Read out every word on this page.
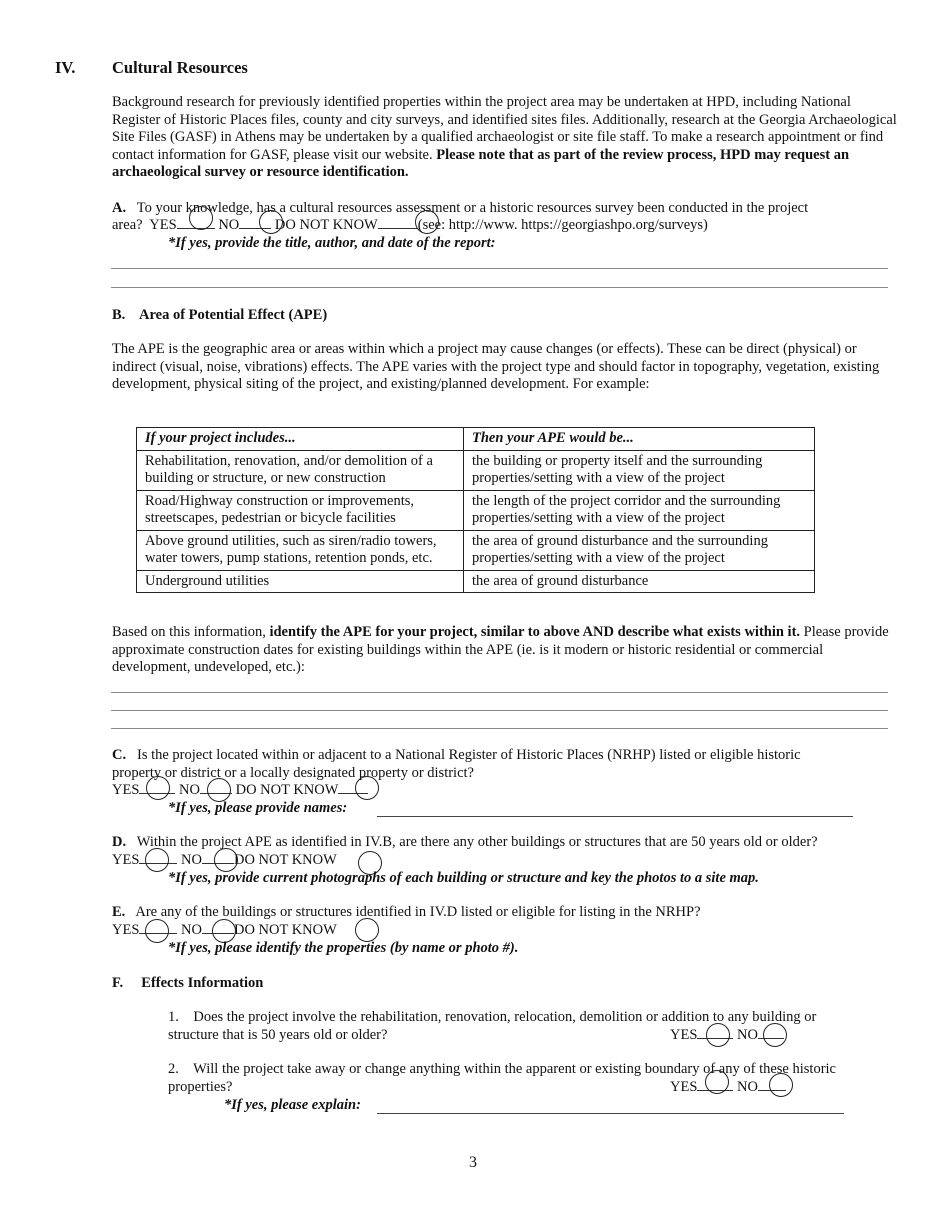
IV. Cultural Resources
Background research for previously identified properties within the project area may be undertaken at HPD, including National Register of Historic Places files, county and city surveys, and identified sites files. Additionally, research at the Georgia Archaeological Site Files (GASF) in Athens may be undertaken by a qualified archaeologist or site file staff. To make a research appointment or find contact information for GASF, please visit our website. Please note that as part of the review process, HPD may request an archaeological survey or resource identification.
A. To your knowledge, has a cultural resources assessment or a historic resources survey been conducted in the project
area? YES	NO DO NOT KNOW	(see: http://www. https://georgiashpo.org/surveys)
*If yes, provide the title, author, and date of the report:
B. Area of Potential Effect (APE)
The APE is the geographic area or areas within which a project may cause changes (or effects). These can be direct (physical) or indirect (visual, noise, vibrations) effects. The APE varies with the project type and should factor in topography, vegetation, existing development, physical siting of the project, and existing/planned development. For example:
If your project includes...	Then your APE would be...
Rehabilitation, renovation, and/or demolition of a building or structure, or new construction	the building or property itself and the surrounding properties/setting with a view of the project
Road/Highway construction or improvements, streetscapes, pedestrian or bicycle facilities	the length of the project corridor and the surrounding properties/setting with a view of the project
Above ground utilities, such as siren/radio towers, water towers, pump stations, retention ponds, etc.	the area of ground disturbance and the surrounding properties/setting with a view of the project
Underground utilities	the area of ground disturbance
Based on this information, identify the APE for your project, similar to above AND describe what exists within it. Please provide approximate construction dates for existing buildings within the APE (ie. is it modern or historic residential or commercial development, undeveloped, etc.):
C. Is the project located within or adjacent to a National Register of Historic Places (NRHP) listed or eligible historic
property or district or a locally designated property or district?
YES	NO DO NOT KNOW
*If yes, please provide names:
D. Within the project APE as identified in IV.B, are there any other buildings or structures that are 50 years old or older?
YES	NO DO NOT KNOW
*If yes, provide current photographs of each building or structure and key the photos to a site map.
E. Are any of the buildings or structures identified in IV.D listed or eligible for listing in the NRHP?
YES	NO DO NOT KNOW
*If yes, please identify the properties (by name or photo #).
F. Effects Information
1. Does the project involve the rehabilitation, renovation, relocation, demolition or addition to any building or
structure that is 50 years old or older?	YES	NO
2. Will the project take away or change anything within the apparent or existing boundary of any of these historic
properties?	YES	NO
*If yes, please explain:
3
